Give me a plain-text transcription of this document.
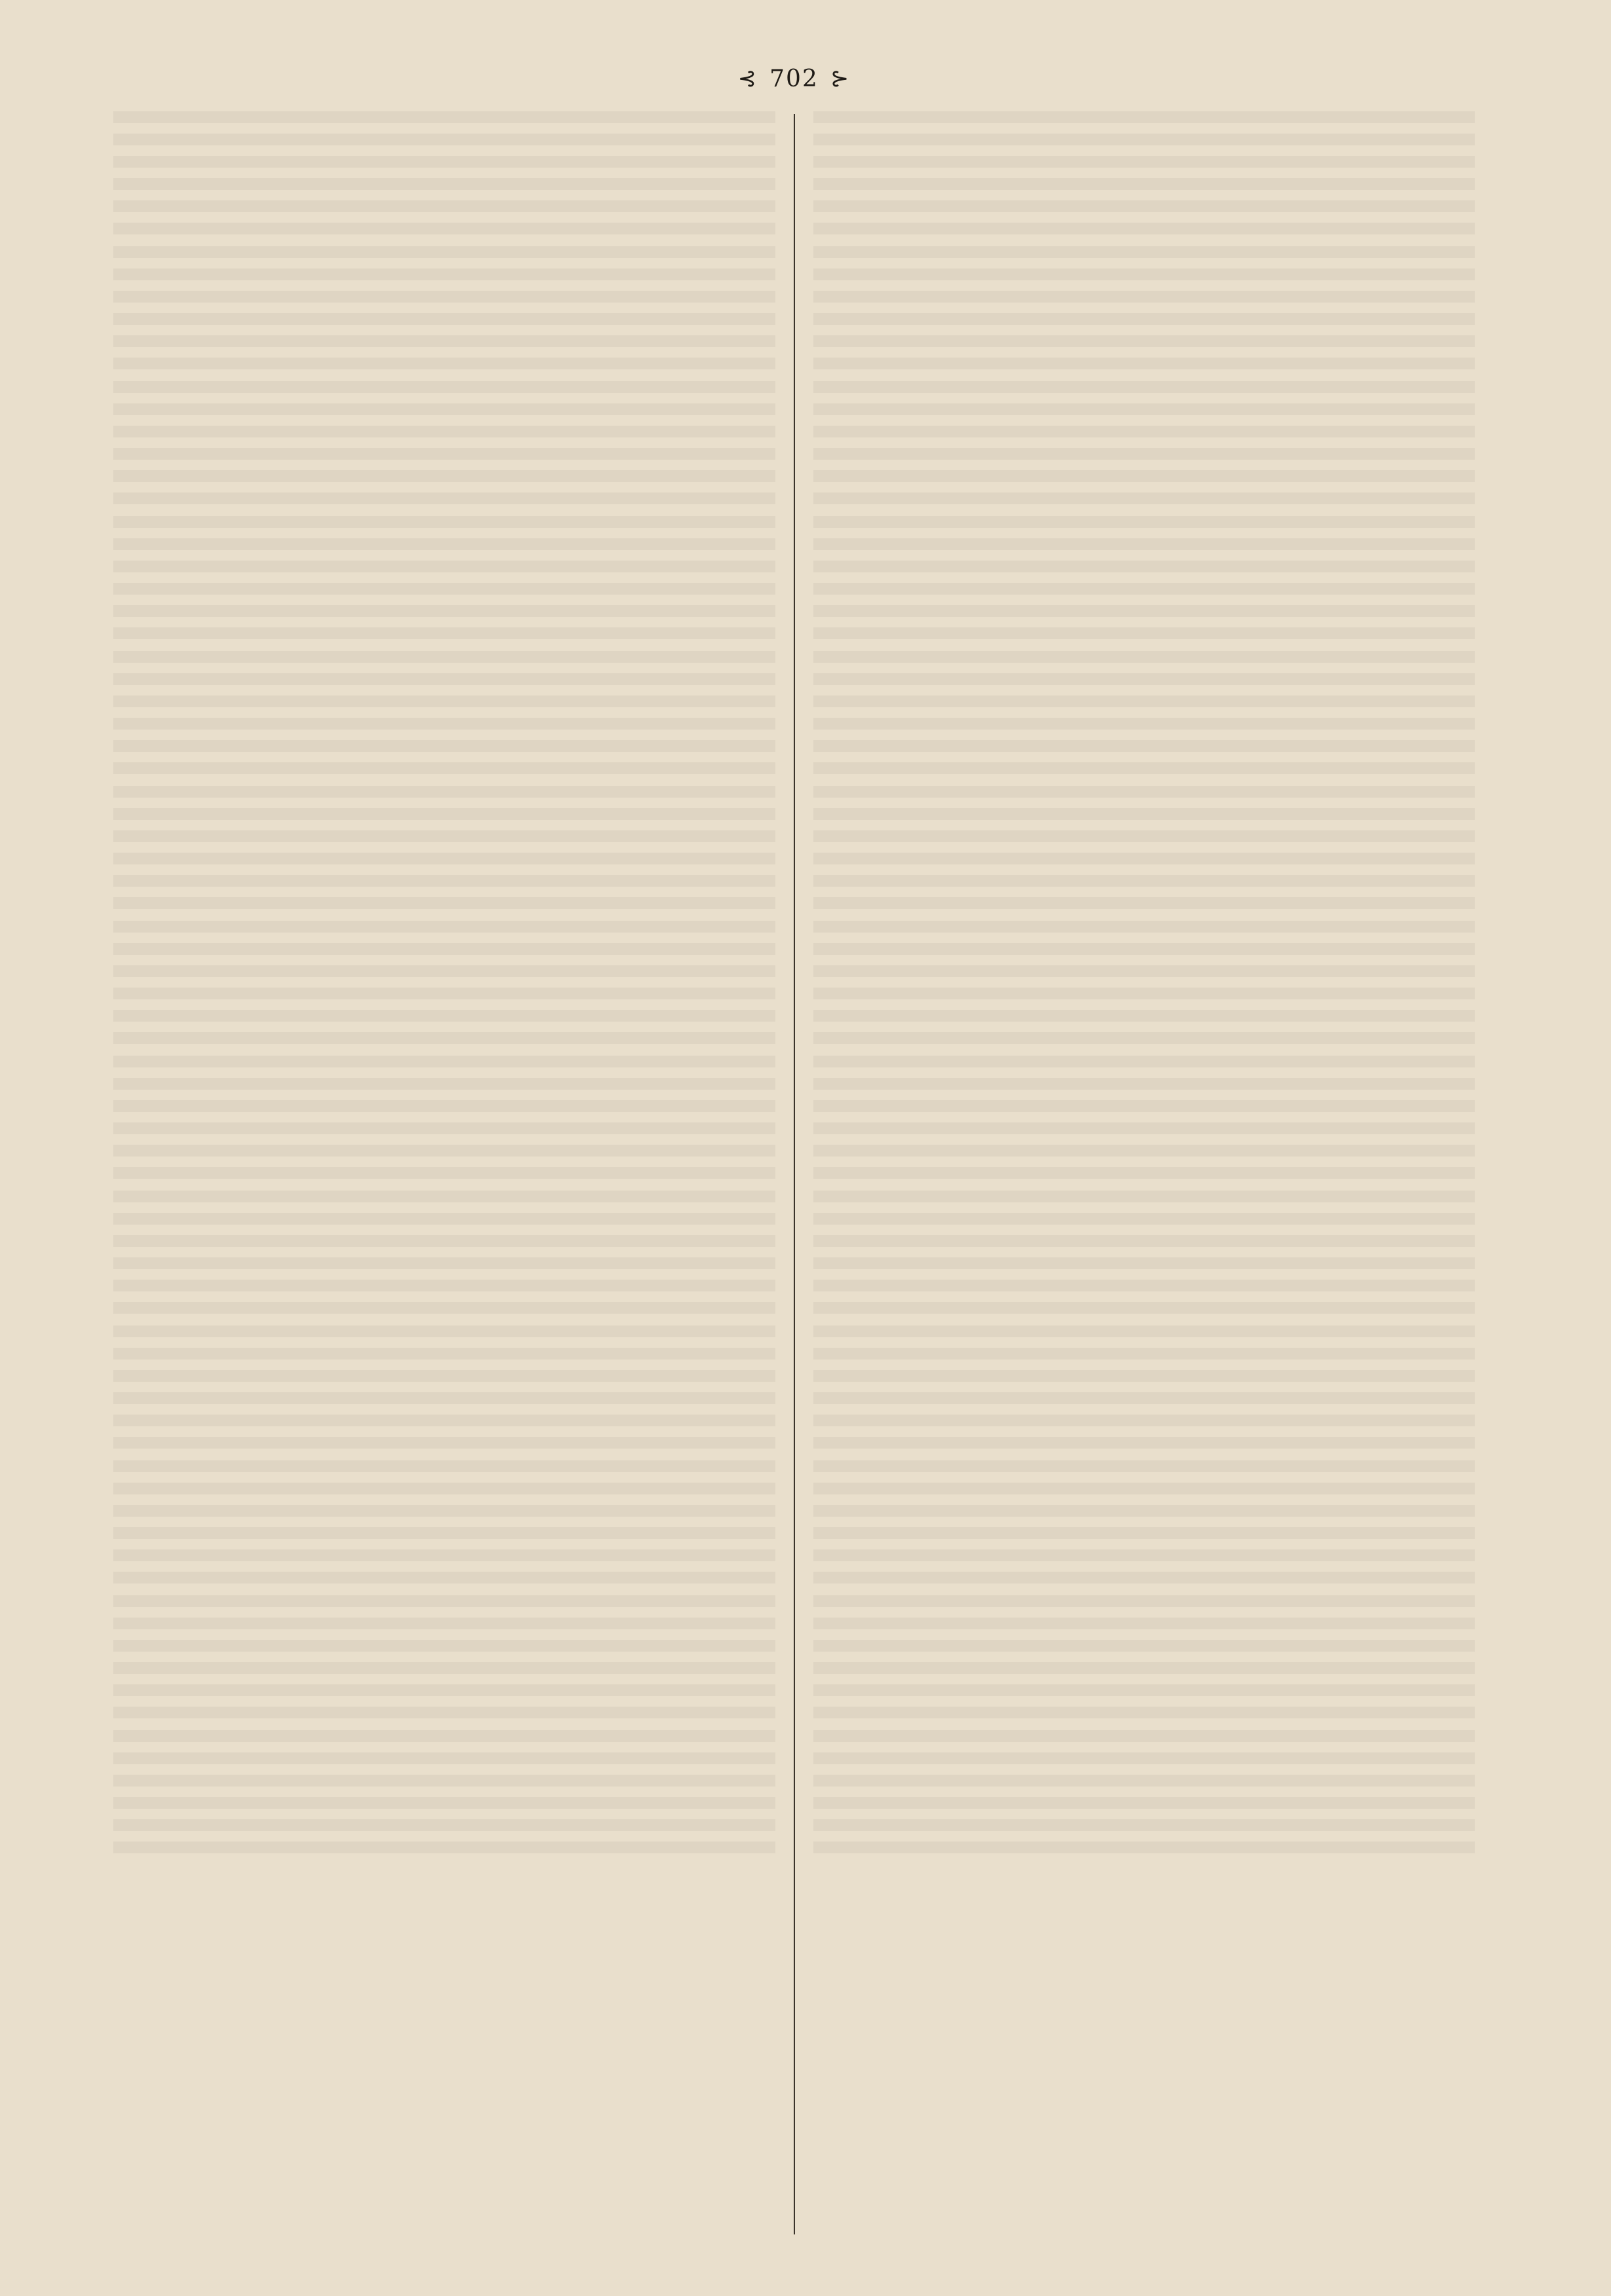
⊰ 702 ⊱
